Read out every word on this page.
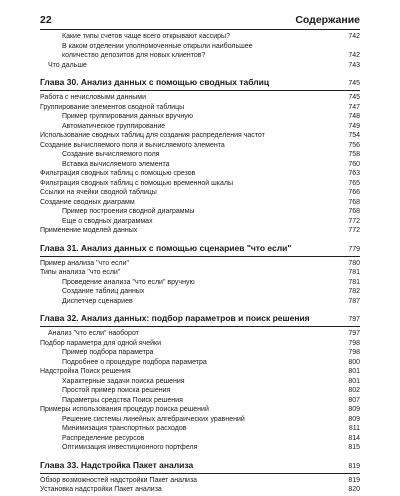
22	Содержание
Какие типы счетов чаще всего открывают кассиры?	742
В каком отделении уполномоченные открыли наибольшее
количество депозитов для новых клиентов?	742
Что дальше	743
Глава 30. Анализ данных с помощью сводных таблиц	745
Работа с нечисловыми данными	745
Группирование элементов сводной таблицы	747
Пример группирования данных вручную	748
Автоматическое группирование	749
Использование сводных таблиц для создания распределения частот	754
Создание вычисляемого поля и вычисляемого элемента	756
Создание вычисляемого поля	758
Вставка вычисляемого элемента	760
Фильтрация сводных таблиц с помощью срезов	763
Фильтрация сводных таблиц с помощью временной шкалы	765
Ссылки на ячейки сводной таблицы	766
Создание сводных диаграмм	768
Пример построения сводной диаграммы	768
Еще о сводных диаграммах	772
Применение моделей данных	772
Глава 31. Анализ данных с помощью сценариев "что если"	779
Пример анализа "что если"	780
Типы анализа "что если"	781
Проведение анализа "что если" вручную	781
Создание таблиц данных	782
Диспетчер сценариев	787
Глава 32. Анализ данных: подбор параметров и поиск решения	797
Анализ "что если" наоборот	797
Подбор параметра для одной ячейки	798
Пример подбора параметра	798
Подробнее о процедуре подбора параметра	800
Надстройка Поиск решения	801
Характерные задачи поиска решения	801
Простой пример поиска решения	802
Параметры средства Поиск решения	807
Примеры использования процедур поиска решений	809
Решение системы линейных алгебраических уравнений	809
Минимизация транспортных расходов	811
Распределение ресурсов	814
Оптимизация инвестиционного портфеля	815
Глава 33. Надстройка Пакет анализа	819
Обзор возможностей надстройки Пакет анализа	819
Установка надстройки Пакет анализа	820
